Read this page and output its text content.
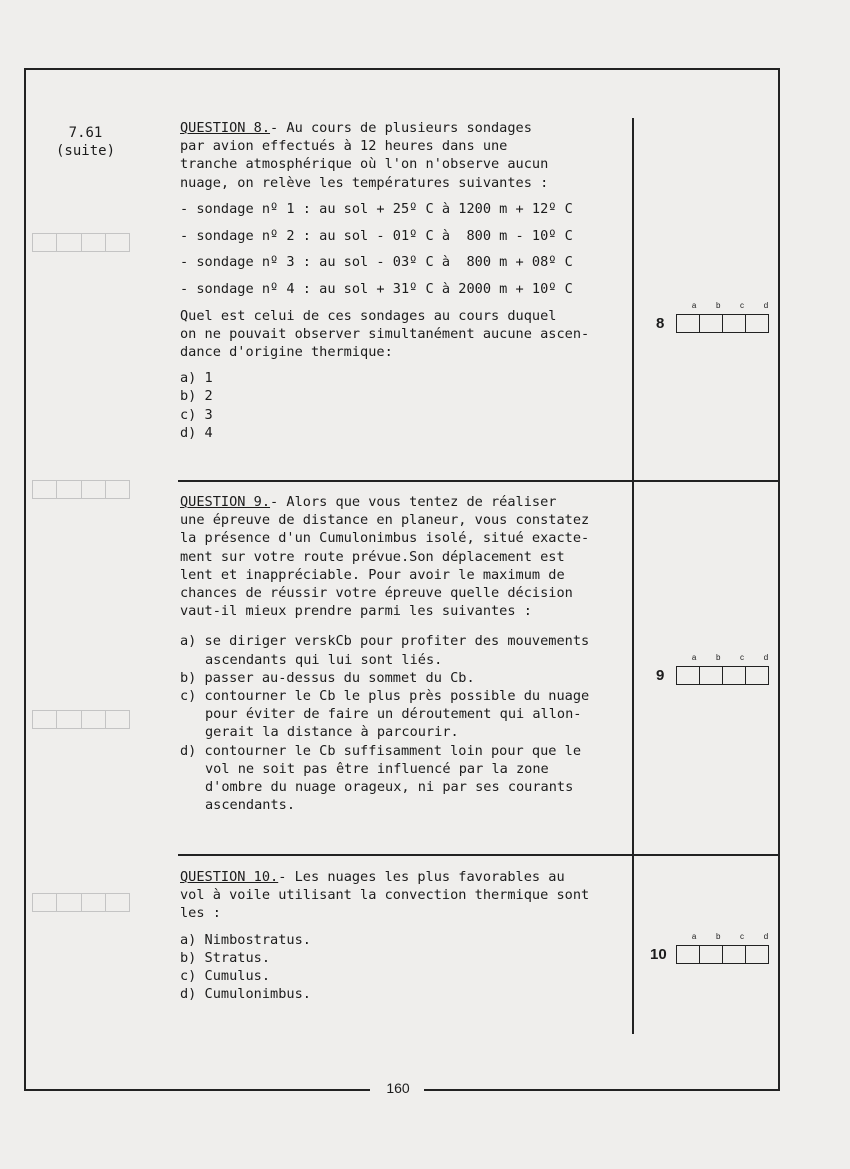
160
7.61
(suite)

QUESTION 8.- Au cours de plusieurs sondages
par avion effectués à 12 heures dans une
tranche atmosphérique où l'on n'observe aucun
nuage, on relève les températures suivantes :

- sondage nº 1 : au sol + 25º C à 1200 m + 12º C
- sondage nº 2 : au sol - 01º C à  800 m - 10º C
- sondage nº 3 : au sol - 03º C à  800 m + 08º C
- sondage nº 4 : au sol + 31º C à 2000 m + 10º C

Quel est celui de ces sondages au cours duquel
on ne pouvait observer simultanément aucune ascen-
dance d'origine thermique:

a) 1

b) 2

c) 3

d) 4

QUESTION 9.- Alors que vous tentez de réaliser
une épreuve de distance en planeur, vous constatez
la présence d'un Cumulonimbus isolé, situé exacte-
ment sur votre route prévue.Son déplacement est
lent et inappréciable. Pour avoir le maximum de
chances de réussir votre épreuve quelle décision
vaut-il mieux prendre parmi les suivantes :

a) se diriger verskCb pour profiter des mouvements
ascendants qui lui sont liés.

b) passer au-dessus du sommet du Cb.

c) contourner le Cb le plus près possible du nuage
pour éviter de faire un déroutement qui allon-
gerait la distance à parcourir.

d) contourner le Cb suffisamment loin pour que le
vol ne soit pas être influencé par la zone
d'ombre du nuage orageux, ni par ses courants
ascendants.

QUESTION 10.- Les nuages les plus favorables au
vol à voile utilisant la convection thermique sont
les :

a) Nimbostratus.

b) Stratus.

c) Cumulus.

d) Cumulonimbus.

a b c d
8
a b c d
9
a b c d
10
